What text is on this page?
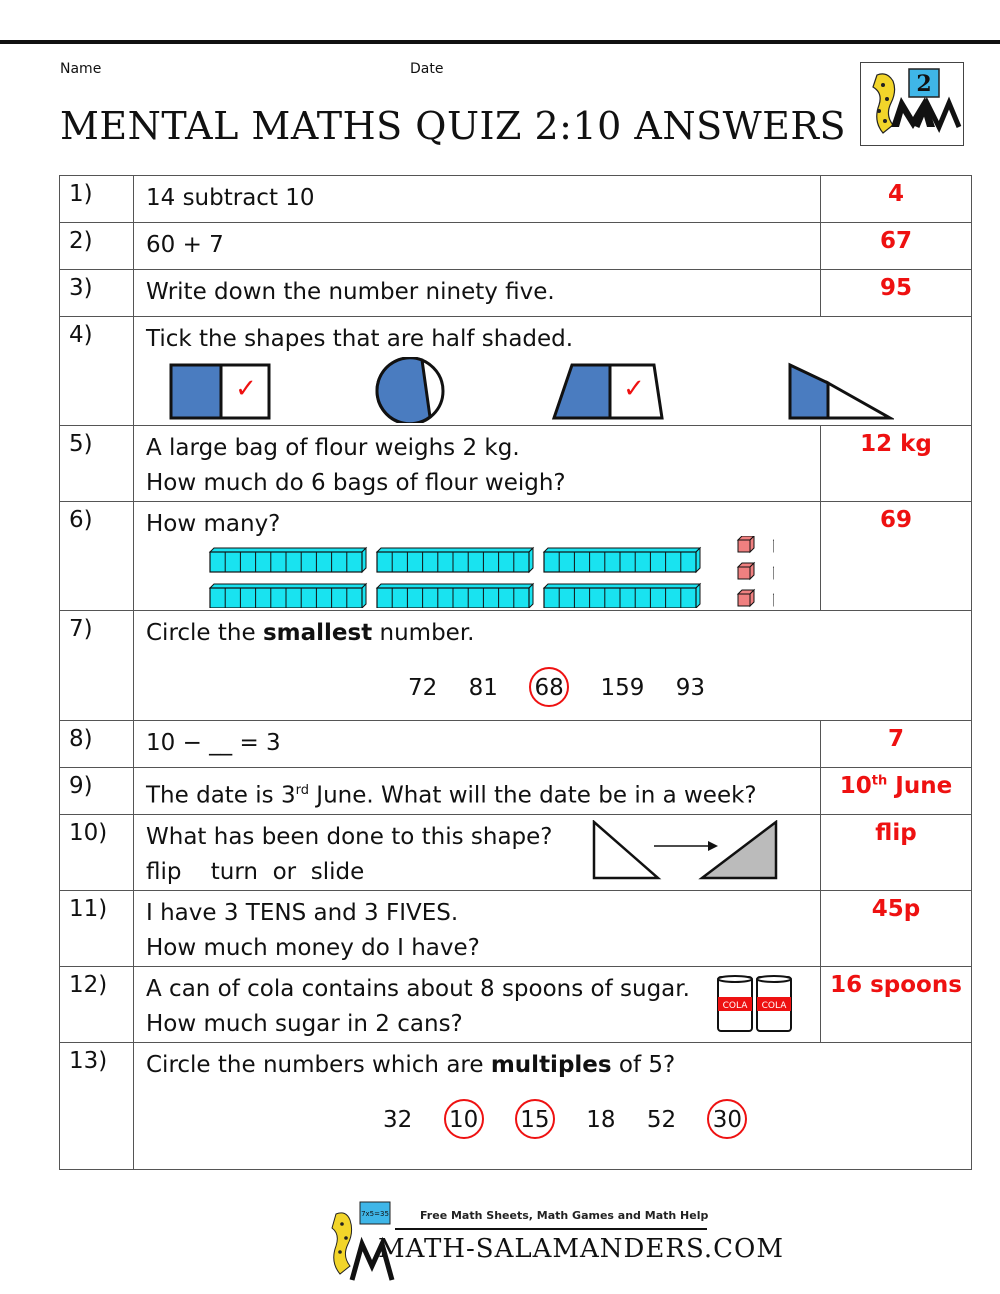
Name	Date
MENTAL MATHS QUIZ 2:10 ANSWERS
2
1)	14 subtract 10	4
2)	60 + 7	67
3)	Write down the number ninety five.	95
4)	Tick the shapes that are half shaded.
✓ ✓	

5)	A large bag of flour weighs 2 kg.
How much do 6 bags of flour weigh?	12 kg
6)	How many?	69
7)	Circle the smallest number.
72 81 68 159 93	

8)	10 − __ = 3	7
9)	The date is 3rd June. What will the date be in a week?	10th June
10)	What has been done to this shape?
flip    turn  or  slide	flip
11)	I have 3 TENS and 3 FIVES.
How much money do I have?	45p
12)	A can of cola contains about 8 spoons of sugar.
How much sugar in 2 cans?
COLA COLA	16 spoons
13)	Circle the numbers which are multiples of 5?
32 10 15 18 52 30	
7x5=35	Free Math Sheets, Math Games and Math Help
MATH-SALAMANDERS.COM
